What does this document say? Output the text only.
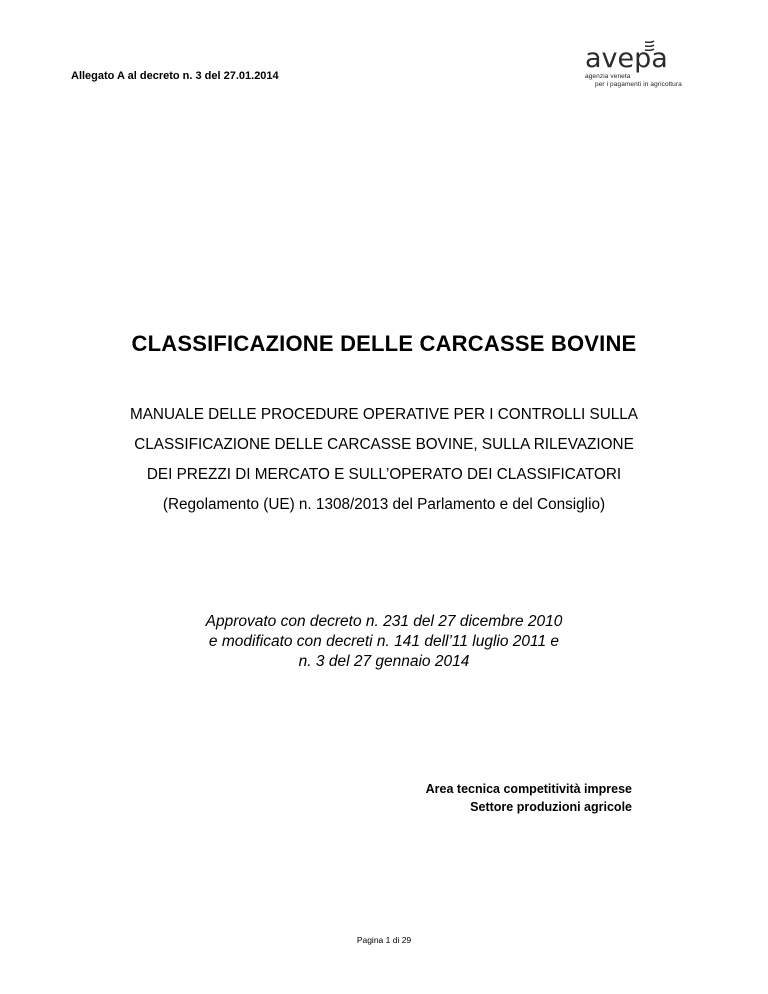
Allegato A al decreto n. 3 del 27.01.2014
avepa
agenzia veneta
per i pagamenti in agricoltura
CLASSIFICAZIONE DELLE CARCASSE BOVINE
MANUALE DELLE PROCEDURE OPERATIVE PER I CONTROLLI SULLA
CLASSIFICAZIONE DELLE CARCASSE BOVINE, SULLA RILEVAZIONE
DEI PREZZI DI MERCATO E SULL’OPERATO DEI CLASSIFICATORI
(Regolamento (UE) n. 1308/2013 del Parlamento e del Consiglio)
Approvato con decreto n. 231 del 27 dicembre 2010
e modificato con decreti n. 141 dell’11 luglio 2011 e
n. 3 del 27 gennaio 2014
Area tecnica competitività imprese
Settore produzioni agricole
Pagina 1 di 29
